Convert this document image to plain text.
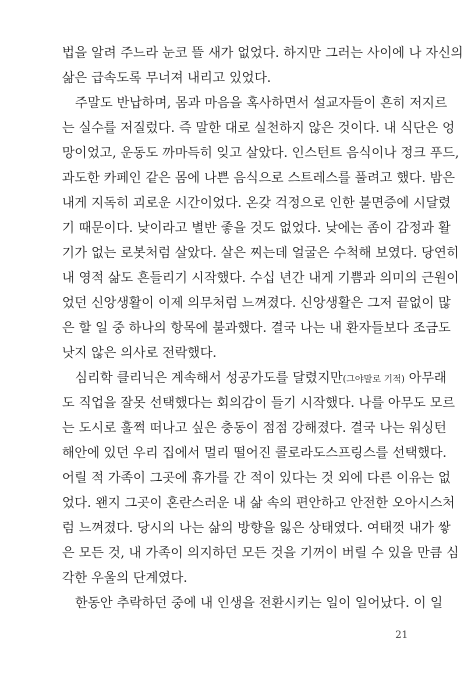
법을 알려 주느라 눈코 뜰 새가 없었다. 하지만 그러는 사이에 나 자신의
삶은 급속도록 무너져 내리고 있었다.
주말도 반납하며, 몸과 마음을 혹사하면서 설교자들이 흔히 저지르
는 실수를 저질렀다. 즉 말한 대로 실천하지 않은 것이다. 내 식단은 엉
망이었고, 운동도 까마득히 잊고 살았다. 인스턴트 음식이나 정크 푸드,
과도한 카페인 같은 몸에 나쁜 음식으로 스트레스를 풀려고 했다. 밤은
내게 지독히 괴로운 시간이었다. 온갖 걱정으로 인한 불면증에 시달렸
기 때문이다. 낮이라고 별반 좋을 것도 없었다. 낮에는 좀이 감정과 활
기가 없는 로봇처럼 살았다. 살은 찌는데 얼굴은 수척해 보였다. 당연히
내 영적 삶도 흔들리기 시작했다. 수십 년간 내게 기쁨과 의미의 근원이
었던 신앙생활이 이제 의무처럼 느껴졌다. 신앙생활은 그저 끝없이 많
은 할 일 중 하나의 항목에 불과했다. 결국 나는 내 환자들보다 조금도
낫지 않은 의사로 전락했다.
심리학 클리닉은 계속해서 성공가도를 달렸지만(그야말로 기적) 아무래
도 직업을 잘못 선택했다는 회의감이 들기 시작했다. 나를 아무도 모르
는 도시로 훌쩍 떠나고 싶은 충동이 점점 강해졌다. 결국 나는 워싱턴
해안에 있던 우리 집에서 멀리 떨어진 콜로라도스프링스를 선택했다.
어릴 적 가족이 그곳에 휴가를 간 적이 있다는 것 외에 다른 이유는 없
었다. 왠지 그곳이 혼란스러운 내 삶 속의 편안하고 안전한 오아시스처
럼 느껴졌다. 당시의 나는 삶의 방향을 잃은 상태였다. 여태껏 내가 쌓
은 모든 것, 내 가족이 의지하던 모든 것을 기꺼이 버릴 수 있을 만큼 심
각한 우울의 단계였다.
한동안 추락하던 중에 내 인생을 전환시키는 일이 일어났다. 이 일
21
